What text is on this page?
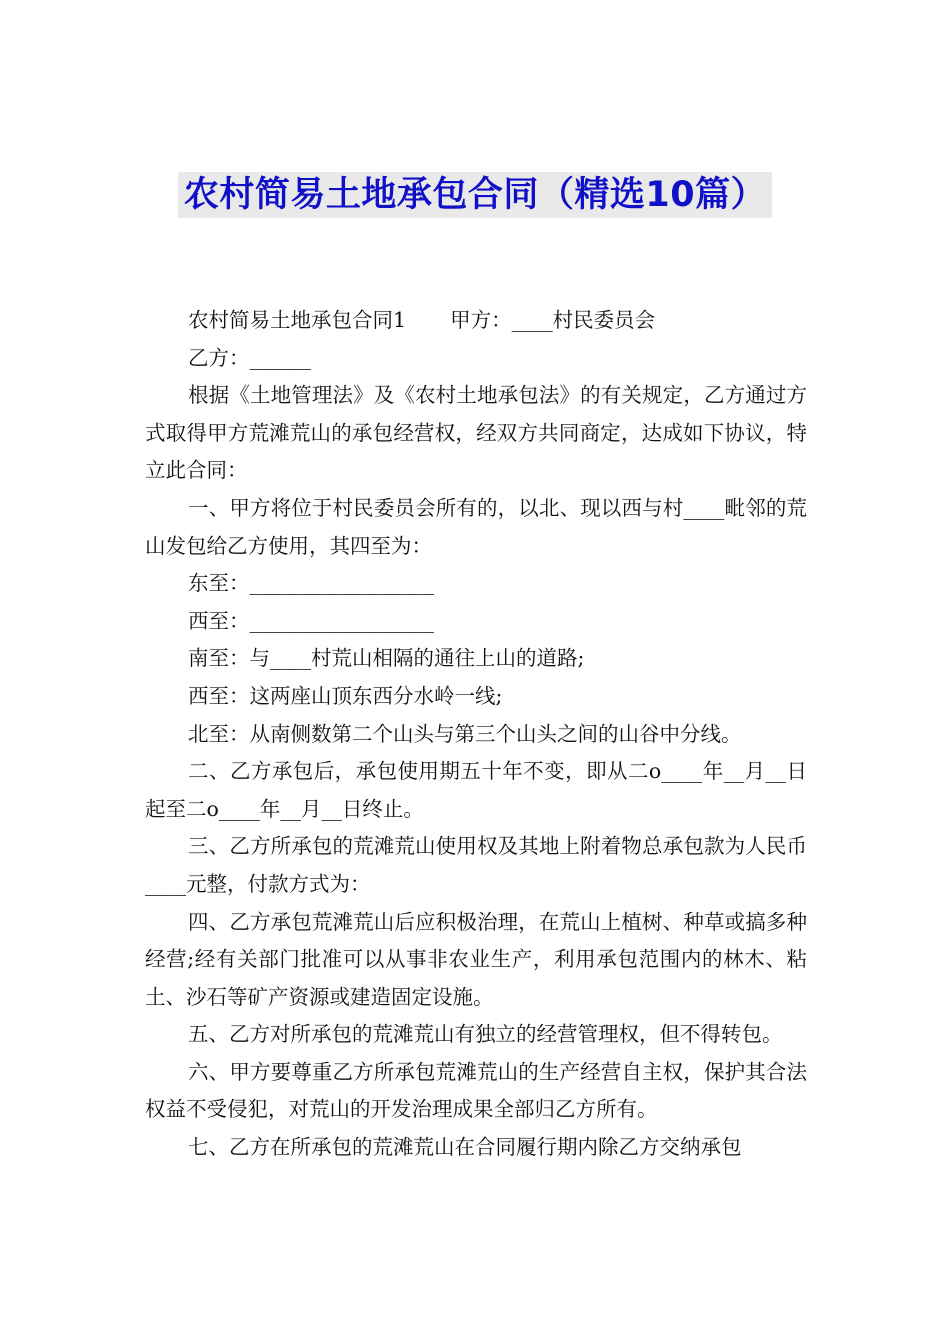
农村简易土地承包合同（精选10篇）

农村简易土地承包合同1 甲方：____村民委员会

乙方：______

根据《土地管理法》及《农村土地承包法》的有关规定，乙方通过方式取得甲方荒滩荒山的承包经营权，经双方共同商定，达成如下协议，特立此合同：

一、甲方将位于村民委员会所有的，以北、现以西与村____毗邻的荒山发包给乙方使用，其四至为：

东至：__________________

西至：__________________

南至：与____村荒山相隔的通往上山的道路;

西至：这两座山顶东西分水岭一线;

北至：从南侧数第二个山头与第三个山头之间的山谷中分线。

二、乙方承包后，承包使用期五十年不变，即从二o____年__月__日起至二o____年__月__日终止。

三、乙方所承包的荒滩荒山使用权及其地上附着物总承包款为人民币____元整，付款方式为：

四、乙方承包荒滩荒山后应积极治理，在荒山上植树、种草或搞多种经营;经有关部门批准可以从事非农业生产，利用承包范围内的林木、粘土、沙石等矿产资源或建造固定设施。

五、乙方对所承包的荒滩荒山有独立的经营管理权，但不得转包。

六、甲方要尊重乙方所承包荒滩荒山的生产经营自主权，保护其合法权益不受侵犯，对荒山的开发治理成果全部归乙方所有。

七、乙方在所承包的荒滩荒山在合同履行期内除乙方交纳承包
